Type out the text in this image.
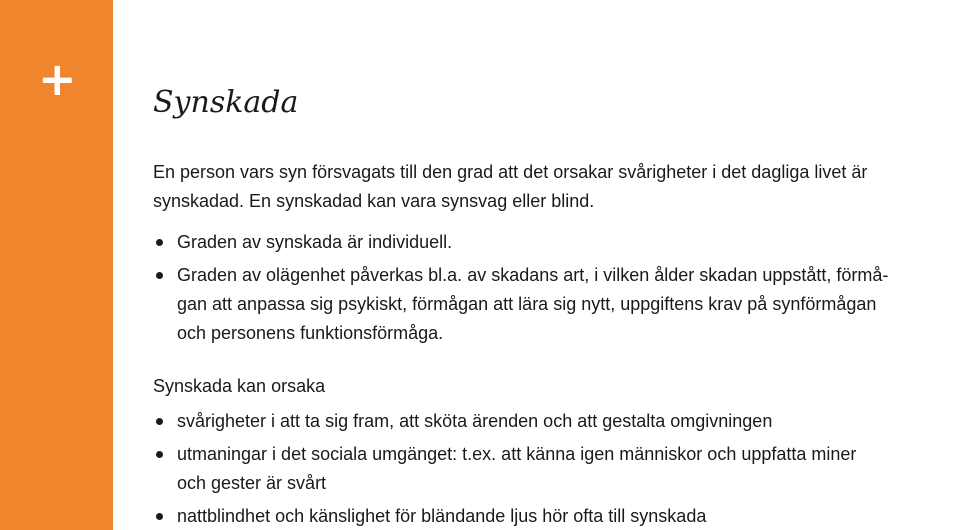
+	Synskada

En person vars syn försvagats till den grad att det orsakar svårigheter i det dagliga livet är
synskadad. En synskadad kan vara synsvag eller blind.

Graden av synskada är individuell.
Graden av olägenhet påverkas bl.a. av skadans art, i vilken ålder skadan uppstått, förmå-
gan att anpassa sig psykiskt, förmågan att lära sig nytt, uppgiftens krav på synförmågan
och personens funktionsförmåga.

Synskada kan orsaka

svårigheter i att ta sig fram, att sköta ärenden och att gestalta omgivningen
utmaningar i det sociala umgänget: t.ex. att känna igen människor och uppfatta miner
och gester är svårt
nattblindhet och känslighet för bländande ljus hör ofta till synskada
